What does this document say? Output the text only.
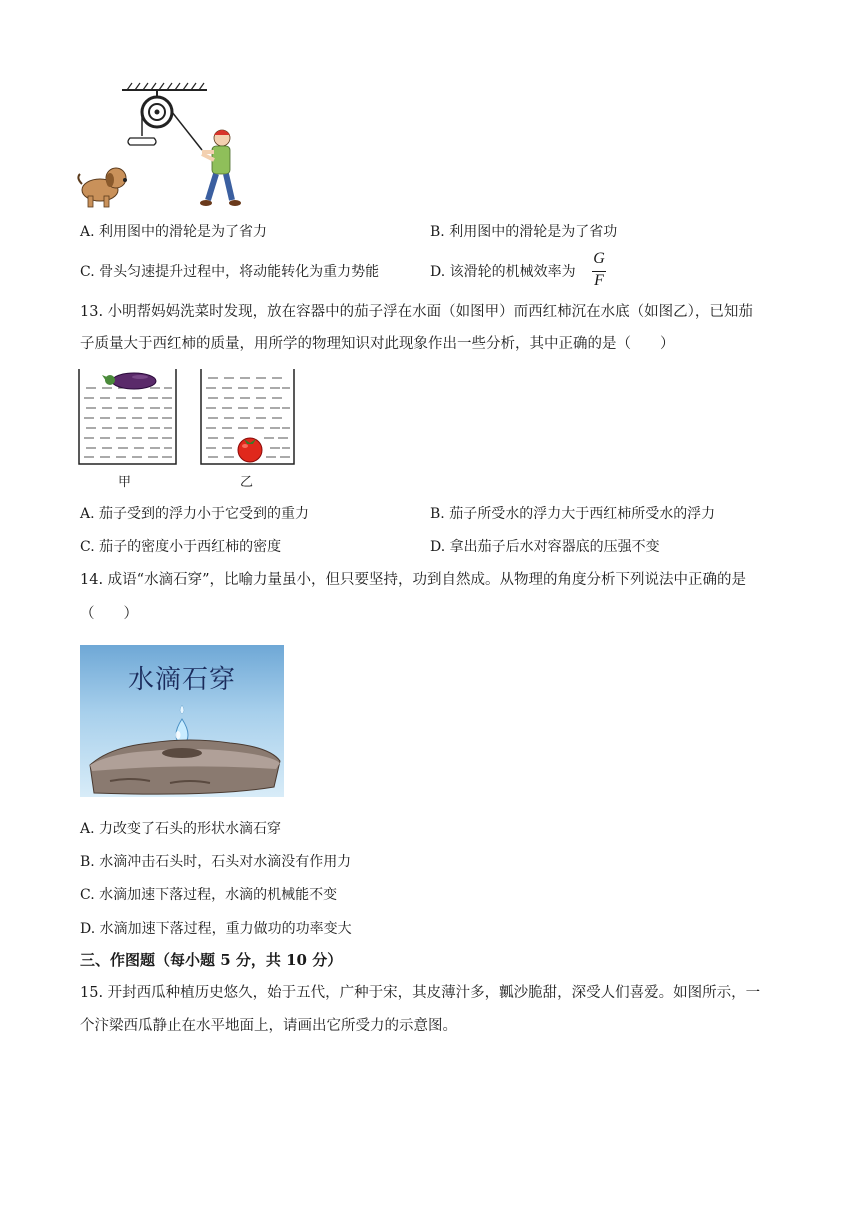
A. 利用图中的滑轮是为了省力	B. 利用图中的滑轮是为了省功
C. 骨头匀速提升过程中，将动能转化为重力势能	D. 该滑轮的机械效率为
G
F
13. 小明帮妈妈洗菜时发现，放在容器中的茄子浮在水面（如图甲）而西红柿沉在水底（如图乙），已知茄
子质量大于西红柿的质量，用所学的物理知识对此现象作出一些分析，其中正确的是（　　）
甲	乙
A. 茄子受到的浮力小于它受到的重力	B. 茄子所受水的浮力大于西红柿所受水的浮力
C. 茄子的密度小于西红柿的密度	D. 拿出茄子后水对容器底的压强不变
14. 成语“水滴石穿”，比喻力量虽小，但只要坚持，功到自然成。从物理的角度分析下列说法中正确的是
（　　）
水滴石穿
A. 力改变了石头的形状水滴石穿
B. 水滴冲击石头时，石头对水滴没有作用力
C. 水滴加速下落过程，水滴的机械能不变
D. 水滴加速下落过程，重力做功的功率变大
三、作图题（每小题 5 分，共 10 分）
15. 开封西瓜种植历史悠久，始于五代，广种于宋，其皮薄汁多，瓤沙脆甜，深受人们喜爱。如图所示，一
个汴梁西瓜静止在水平地面上，请画出它所受力的示意图。
